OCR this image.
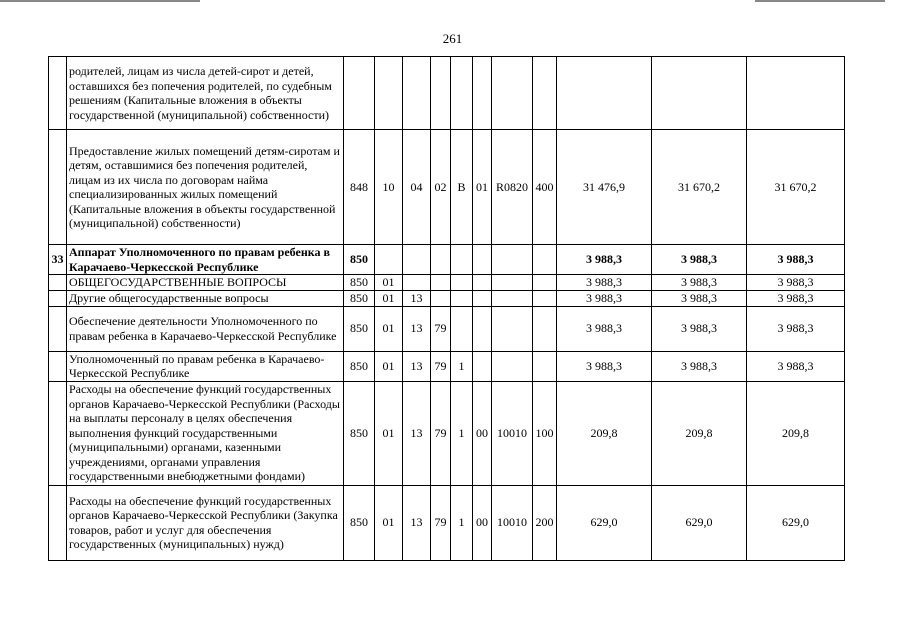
261
	родителей, лицам из числа детей-сирот и детей, оставшихся без попечения родителей, по судебным решениям (Капитальные вложения в объекты государственной (муниципальной) собственности)											
	Предоставление жилых помещений детям-сиротам и детям, оставшимися без попечения родителей, лицам из их числа по договорам найма специализированных жилых помещений (Капитальные вложения в объекты государственной (муниципальной) собственности)	848	10	04	02	В	01	R0820	400	31 476,9	31 670,2	31 670,2
33	Аппарат Уполномоченного по правам ребенка в Карачаево-Черкесской Республике	850								3 988,3	3 988,3	3 988,3
	ОБЩЕГОСУДАРСТВЕННЫЕ ВОПРОСЫ	850	01							3 988,3	3 988,3	3 988,3
	Другие общегосударственные вопросы	850	01	13						3 988,3	3 988,3	3 988,3
	Обеспечение деятельности Уполномоченного по правам ребенка в Карачаево-Черкесской Республике	850	01	13	79					3 988,3	3 988,3	3 988,3
	Уполномоченный по правам ребенка в Карачаево-Черкесской Республике	850	01	13	79	1				3 988,3	3 988,3	3 988,3
	Расходы на обеспечение функций государственных органов Карачаево-Черкесской Республики (Расходы на выплаты персоналу в целях обеспечения выполнения функций государственными (муниципальными) органами, казенными учреждениями, органами управления государственными внебюджетными фондами)	850	01	13	79	1	00	10010	100	209,8	209,8	209,8
	Расходы на обеспечение функций государственных органов Карачаево-Черкесской Республики (Закупка товаров, работ и услуг для обеспечения государственных (муниципальных) нужд)	850	01	13	79	1	00	10010	200	629,0	629,0	629,0
